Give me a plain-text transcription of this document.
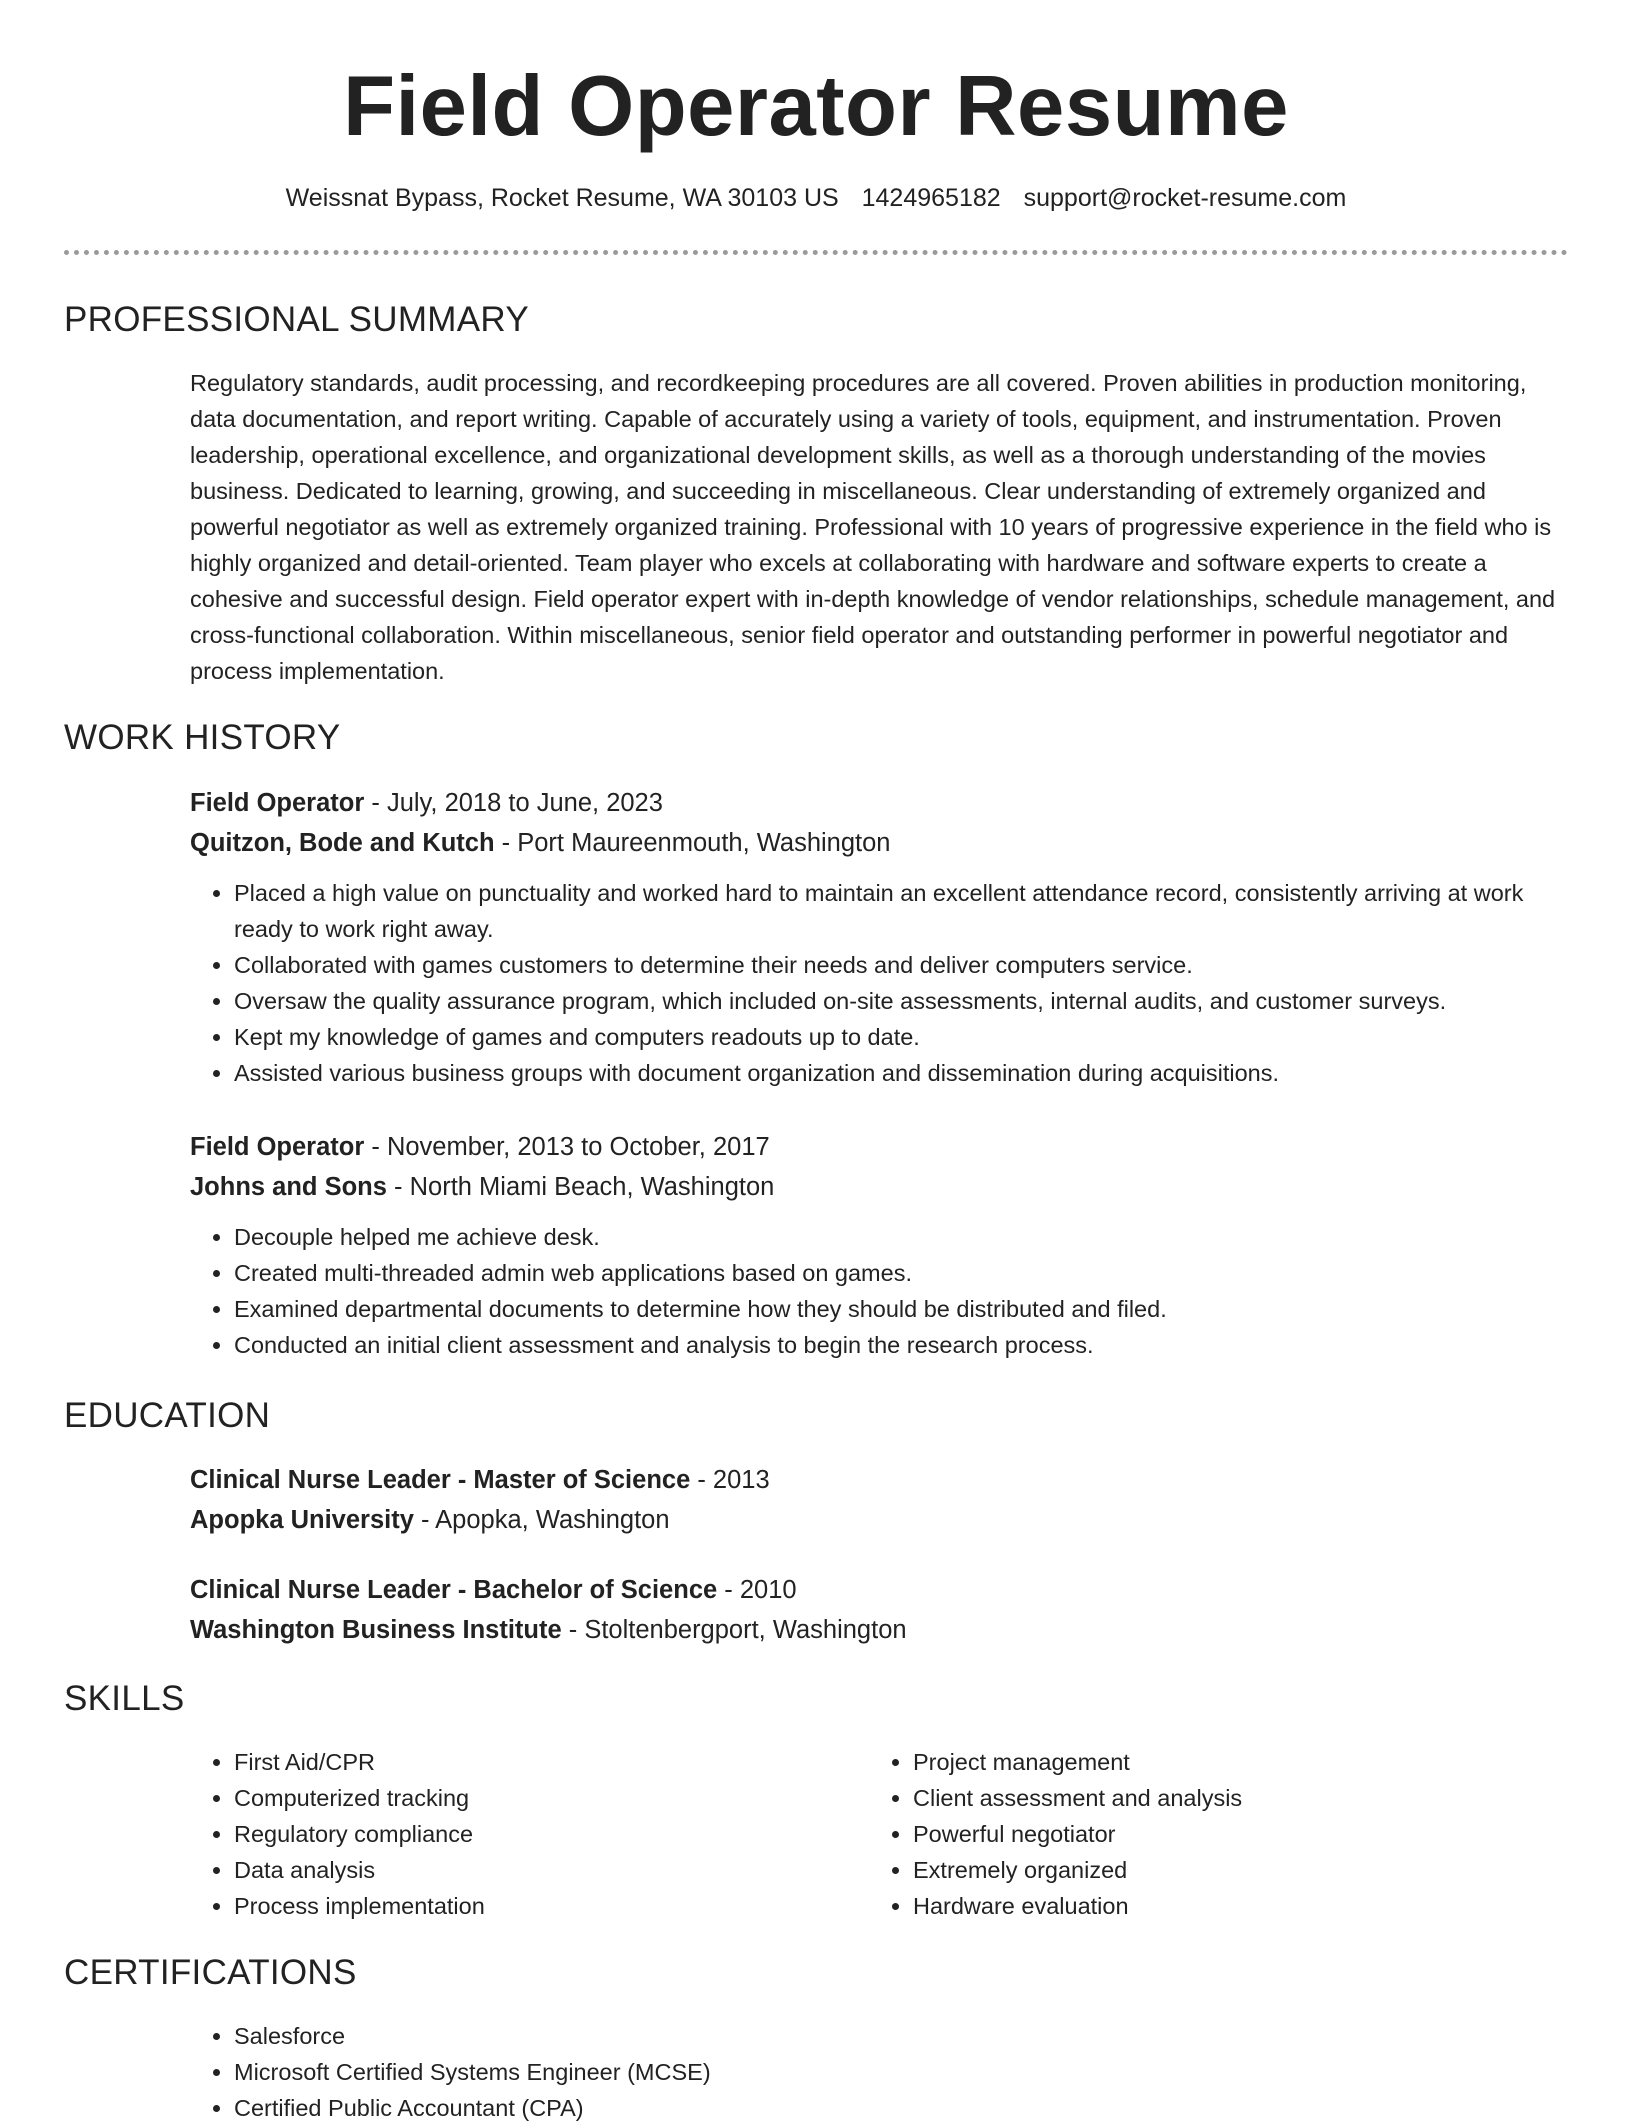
Field Operator Resume
Weissnat Bypass, Rocket Resume, WA 30103 US 1424965182 support@rocket-resume.com
PROFESSIONAL SUMMARY
Regulatory standards, audit processing, and recordkeeping procedures are all covered. Proven abilities in production monitoring, data documentation, and report writing. Capable of accurately using a variety of tools, equipment, and instrumentation. Proven leadership, operational excellence, and organizational development skills, as well as a thorough understanding of the movies business. Dedicated to learning, growing, and succeeding in miscellaneous. Clear understanding of extremely organized and powerful negotiator as well as extremely organized training. Professional with 10 years of progressive experience in the field who is highly organized and detail-oriented. Team player who excels at collaborating with hardware and software experts to create a cohesive and successful design. Field operator expert with in-depth knowledge of vendor relationships, schedule management, and cross-functional collaboration. Within miscellaneous, senior field operator and outstanding performer in powerful negotiator and process implementation.
WORK HISTORY
Field Operator - July, 2018 to June, 2023
Quitzon, Bode and Kutch - Port Maureenmouth, Washington
• Placed a high value on punctuality and worked hard to maintain an excellent attendance record, consistently arriving at work ready to work right away.
• Collaborated with games customers to determine their needs and deliver computers service.
• Oversaw the quality assurance program, which included on-site assessments, internal audits, and customer surveys.
• Kept my knowledge of games and computers readouts up to date.
• Assisted various business groups with document organization and dissemination during acquisitions.
Field Operator - November, 2013 to October, 2017
Johns and Sons - North Miami Beach, Washington
• Decouple helped me achieve desk.
• Created multi-threaded admin web applications based on games.
• Examined departmental documents to determine how they should be distributed and filed.
• Conducted an initial client assessment and analysis to begin the research process.
EDUCATION
Clinical Nurse Leader - Master of Science - 2013
Apopka University - Apopka, Washington
Clinical Nurse Leader - Bachelor of Science - 2010
Washington Business Institute - Stoltenbergport, Washington
SKILLS
• First Aid/CPR
• Computerized tracking
• Regulatory compliance
• Data analysis
• Process implementation
• Project management
• Client assessment and analysis
• Powerful negotiator
• Extremely organized
• Hardware evaluation
CERTIFICATIONS
• Salesforce
• Microsoft Certified Systems Engineer (MCSE)
• Certified Public Accountant (CPA)
